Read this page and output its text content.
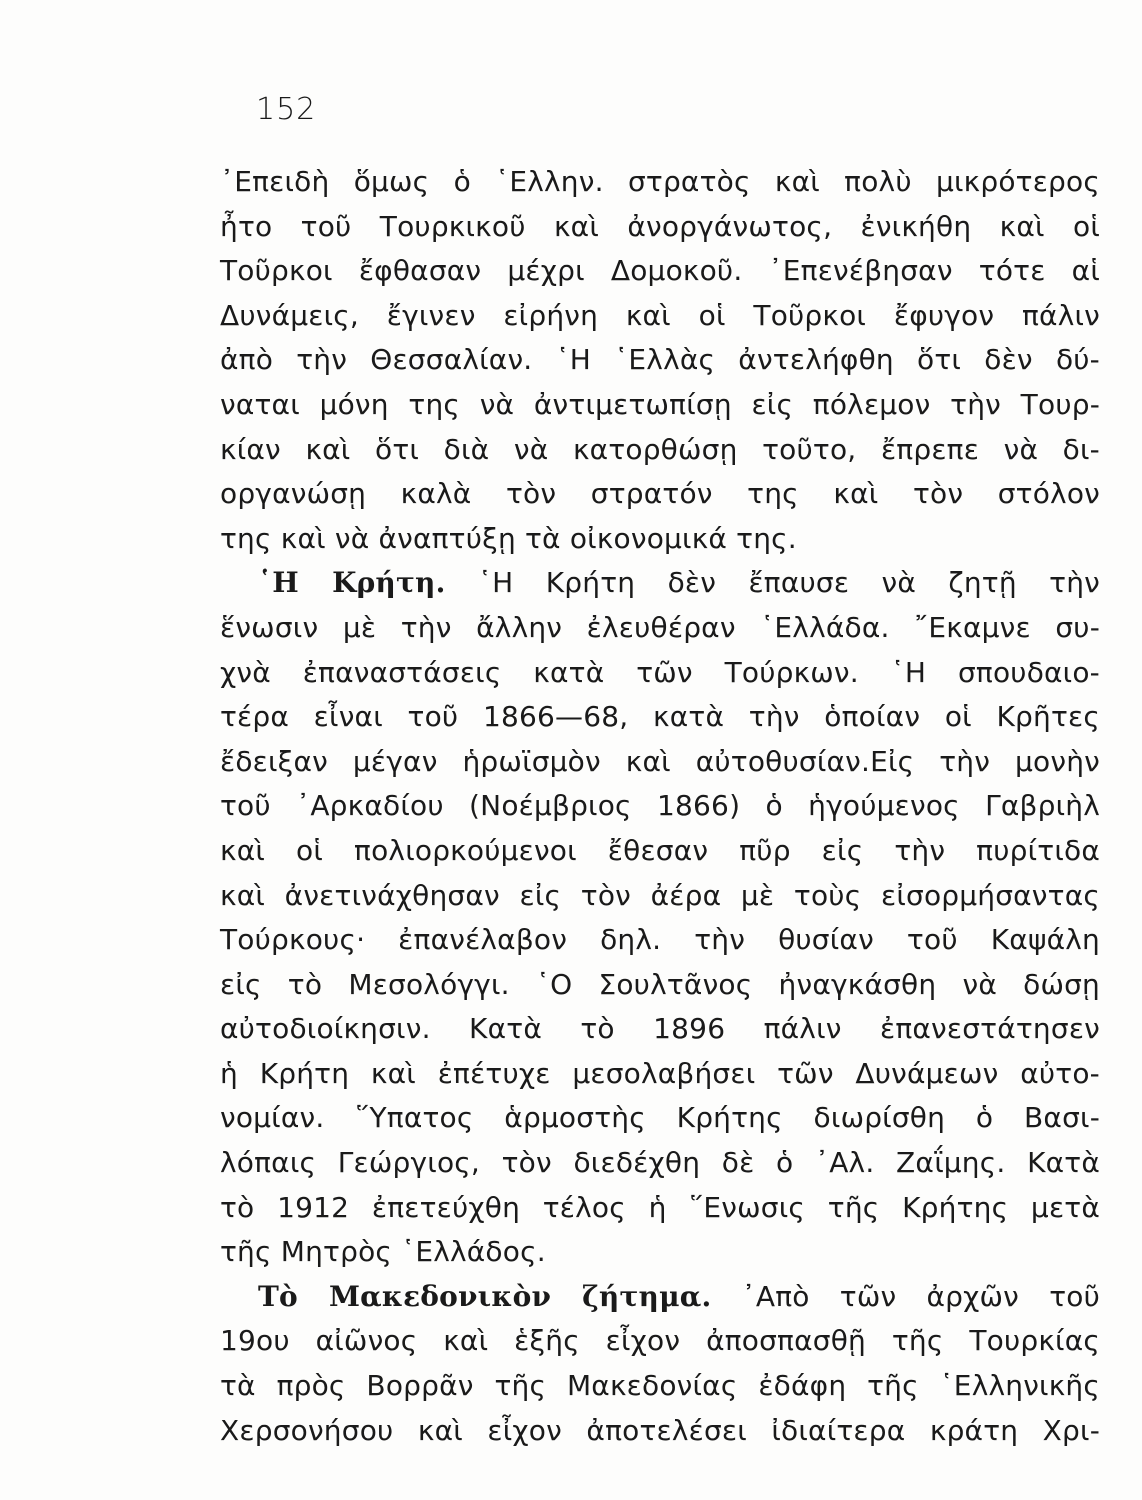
152
᾽Επειδὴ ὅμως ὁ ῾Ελλην. στρατὸς καὶ πολὺ μικρότερος
ἦτο τοῦ Τουρκικοῦ καὶ ἀνοργάνωτος, ἐνικήθη καὶ οἱ
Τοῦρκοι ἔφθασαν μέχρι Δομοκοῦ. ᾽Επενέβησαν τότε αἱ
Δυνάμεις, ἔγινεν εἰρήνη καὶ οἱ Τοῦρκοι ἔφυγον πάλιν
ἀπὸ τὴν Θεσσαλίαν. ῾Η ῾Ελλὰς ἀντελήφθη ὅτι δὲν δύ-
ναται μόνη της νὰ ἀντιμετωπίσῃ εἰς πόλεμον τὴν Τουρ-
κίαν καὶ ὅτι διὰ νὰ κατορθώσῃ τοῦτο, ἔπρεπε νὰ δι-
οργανώσῃ καλὰ τὸν στρατόν της καὶ τὸν στόλον
της καὶ νὰ ἀναπτύξῃ τὰ οἰκονομικά της.
῾Η Κρήτη. ῾Η Κρήτη δὲν ἔπαυσε νὰ ζητῇ τὴν
ἕνωσιν μὲ τὴν ἄλλην ἐλευθέραν ῾Ελλάδα. ῎Εκαμνε συ-
χνὰ ἐπαναστάσεις κατὰ τῶν Τούρκων. ῾Η σπουδαιο-
τέρα εἶναι τοῦ 1866—68, κατὰ τὴν ὁποίαν οἱ Κρῆτες
ἔδειξαν μέγαν ἡρωϊσμὸν καὶ αὐτοθυσίαν.Εἰς τὴν μονὴν
τοῦ ᾽Αρκαδίου (Νοέμβριος 1866) ὁ ἡγούμενος Γαβριὴλ
καὶ οἱ πολιορκούμενοι ἔθεσαν πῦρ εἰς τὴν πυρίτιδα
καὶ ἀνετινάχθησαν εἰς τὸν ἀέρα μὲ τοὺς εἰσορμήσαντας
Τούρκους· ἐπανέλαβον δηλ. τὴν θυσίαν τοῦ Καψάλη
εἰς τὸ Μεσολόγγι. ῾Ο Σουλτᾶνος ἠναγκάσθη νὰ δώσῃ
αὐτοδιοίκησιν. Κατὰ τὸ 1896 πάλιν ἐπανεστάτησεν
ἡ Κρήτη καὶ ἐπέτυχε μεσολαβήσει τῶν Δυνάμεων αὐτο-
νομίαν. ῞Υπατος ἁρμοστὴς Κρήτης διωρίσθη ὁ Βασι-
λόπαις Γεώργιος, τὸν διεδέχθη δὲ ὁ ᾽Αλ. Ζαΐμης. Κατὰ
τὸ 1912 ἐπετεύχθη τέλος ἡ ῞Ενωσις τῆς Κρήτης μετὰ
τῆς Μητρὸς ῾Ελλάδος.
Τὸ Μακεδονικὸν ζήτημα. ᾽Απὸ τῶν ἀρχῶν τοῦ
19ου αἰῶνος καὶ ἑξῆς εἶχον ἀποσπασθῇ τῆς Τουρκίας
τὰ πρὸς Βορρᾶν τῆς Μακεδονίας ἐδάφη τῆς ῾Ελληνικῆς
Χερσονήσου καὶ εἶχον ἀποτελέσει ἰδιαίτερα κράτη Χρι-
